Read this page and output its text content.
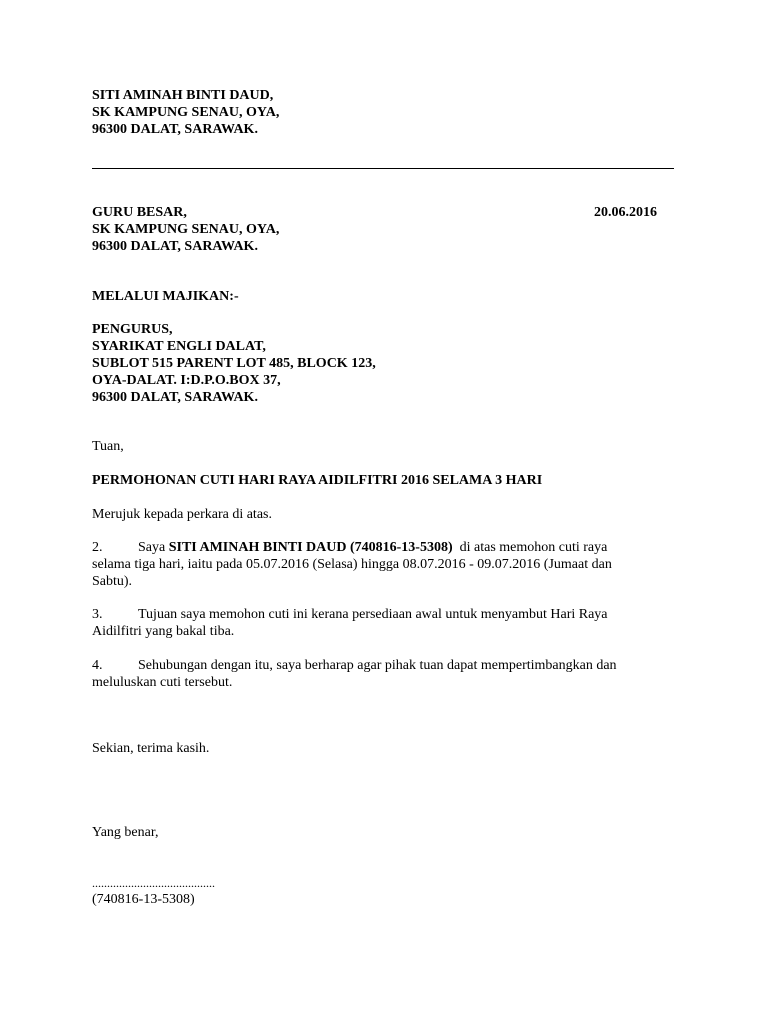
SITI AMINAH BINTI DAUD,
SK KAMPUNG SENAU, OYA,
96300 DALAT, SARAWAK.
GURU BESAR,
SK KAMPUNG SENAU, OYA,
96300 DALAT, SARAWAK.
20.06.2016
MELALUI MAJIKAN:-
PENGURUS,
SYARIKAT ENGLI DALAT,
SUBLOT 515 PARENT LOT 485, BLOCK 123,
OYA-DALAT. I:D.P.O.BOX 37,
96300 DALAT, SARAWAK.
Tuan,
PERMOHONAN CUTI HARI RAYA AIDILFITRI 2016 SELAMA 3 HARI
Merujuk kepada perkara di atas.
2.	Saya SITI AMINAH BINTI DAUD (740816-13-5308)  di atas memohon cuti raya
selama tiga hari, iaitu pada 05.07.2016 (Selasa) hingga 08.07.2016 - 09.07.2016 (Jumaat dan
Sabtu).
3.	Tujuan saya memohon cuti ini kerana persediaan awal untuk menyambut Hari Raya
Aidilfitri yang bakal tiba.
4.	Sehubungan dengan itu, saya berharap agar pihak tuan dapat mempertimbangkan dan
meluluskan cuti tersebut.
Sekian, terima kasih.
Yang benar,
.........................................
(740816-13-5308)
